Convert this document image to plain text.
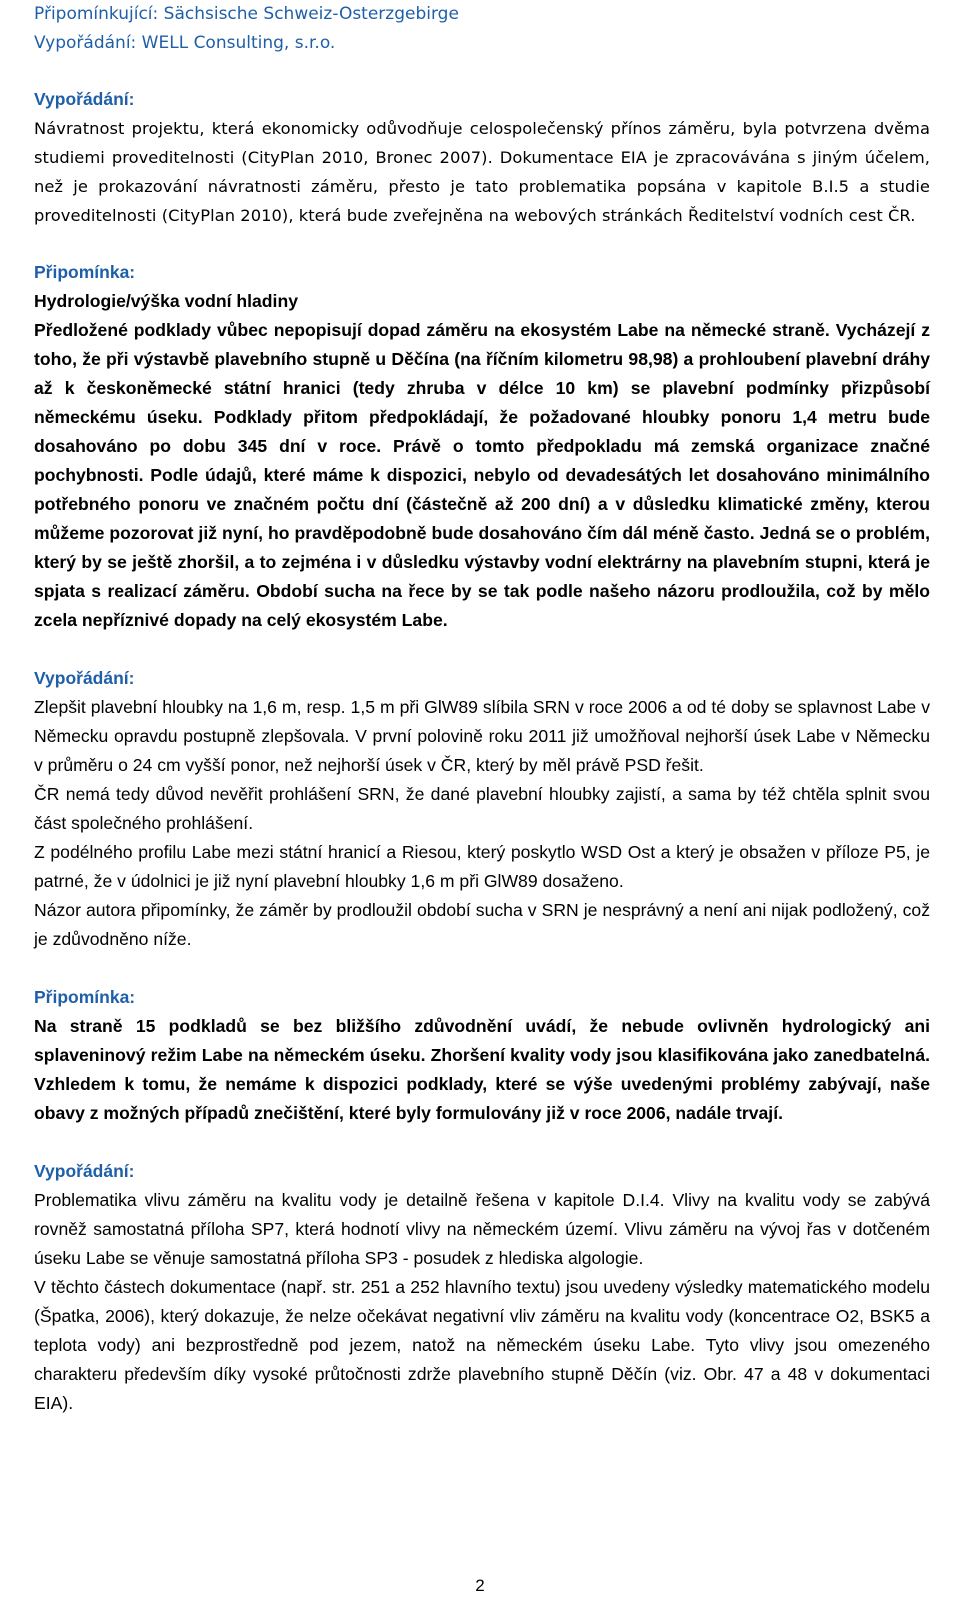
Připomínkující: Sächsische Schweiz-Osterzgebirge

Vypořádání: WELL Consulting, s.r.o.

Vypořádání:

Návratnost projektu, která ekonomicky odůvodňuje celospolečenský přínos záměru, byla potvrzena dvěma studiemi proveditelnosti (CityPlan 2010, Bronec 2007). Dokumentace EIA je zpracovávána s jiným účelem, než je prokazování návratnosti záměru, přesto je tato problematika popsána v kapitole B.I.5 a studie proveditelnosti (CityPlan 2010), která bude zveřejněna na webových stránkách Ředitelství vodních cest ČR.

Připomínka:

Hydrologie/výška vodní hladiny

Předložené podklady vůbec nepopisují dopad záměru na ekosystém Labe na německé straně. Vycházejí z toho, že při výstavbě plavebního stupně u Děčína (na říčním kilometru 98,98) a prohloubení plavební dráhy až k českoněmecké státní hranici (tedy zhruba v délce 10 km) se plavební podmínky přizpůsobí německému úseku. Podklady přitom předpokládají, že požadované hloubky ponoru 1,4 metru bude dosahováno po dobu 345 dní v roce. Právě o tomto předpokladu má zemská organizace značné pochybnosti. Podle údajů, které máme k dispozici, nebylo od devadesátých let dosahováno minimálního potřebného ponoru ve značném počtu dní (částečně až 200 dní) a v důsledku klimatické změny, kterou můžeme pozorovat již nyní, ho pravděpodobně bude dosahováno čím dál méně často. Jedná se o problém, který by se ještě zhoršil, a to zejména i v důsledku výstavby vodní elektrárny na plavebním stupni, která je spjata s realizací záměru. Období sucha na řece by se tak podle našeho názoru prodloužila, což by mělo zcela nepříznivé dopady na celý ekosystém Labe.

Vypořádání:

Zlepšit plavební hloubky na 1,6 m, resp. 1,5 m při GlW89 slíbila SRN v roce 2006 a od té doby se splavnost Labe v Německu opravdu postupně zlepšovala. V první polovině roku 2011 již umožňoval nejhorší úsek Labe v Německu v průměru o 24 cm vyšší ponor, než nejhorší úsek v ČR, který by měl právě PSD řešit.

ČR nemá tedy důvod nevěřit prohlášení SRN, že dané plavební hloubky zajistí, a sama by též chtěla splnit svou část společného prohlášení.

Z podélného profilu Labe mezi státní hranicí a Riesou, který poskytlo WSD Ost a který je obsažen v příloze P5, je patrné, že v údolnici je již nyní plavební hloubky 1,6 m při GlW89 dosaženo.

Názor autora připomínky, že záměr by prodloužil období sucha v SRN je nesprávný a není ani nijak podložený, což je zdůvodněno níže.

Připomínka:

Na straně 15 podkladů se bez bližšího zdůvodnění uvádí, že nebude ovlivněn hydrologický ani splaveninový režim Labe na německém úseku. Zhoršení kvality vody jsou klasifikována jako zanedbatelná. Vzhledem k tomu, že nemáme k dispozici podklady, které se výše uvedenými problémy zabývají, naše obavy z možných případů znečištění, které byly formulovány již v roce 2006, nadále trvají.

Vypořádání:

Problematika vlivu záměru na kvalitu vody je detailně řešena v kapitole D.I.4. Vlivy na kvalitu vody se zabývá rovněž samostatná příloha SP7, která hodnotí vlivy na německém území. Vlivu záměru na vývoj řas v dotčeném úseku Labe se věnuje samostatná příloha SP3 - posudek z hlediska algologie.

V těchto částech dokumentace (např. str. 251 a 252 hlavního textu) jsou uvedeny výsledky matematického modelu (Špatka, 2006), který dokazuje, že nelze očekávat negativní vliv záměru na kvalitu vody (koncentrace O2, BSK5 a teplota vody) ani bezprostředně pod jezem, natož na německém úseku Labe. Tyto vlivy jsou omezeného charakteru především díky vysoké průtočnosti zdrže plavebního stupně Děčín (viz. Obr. 47 a 48 v dokumentaci EIA).

2
